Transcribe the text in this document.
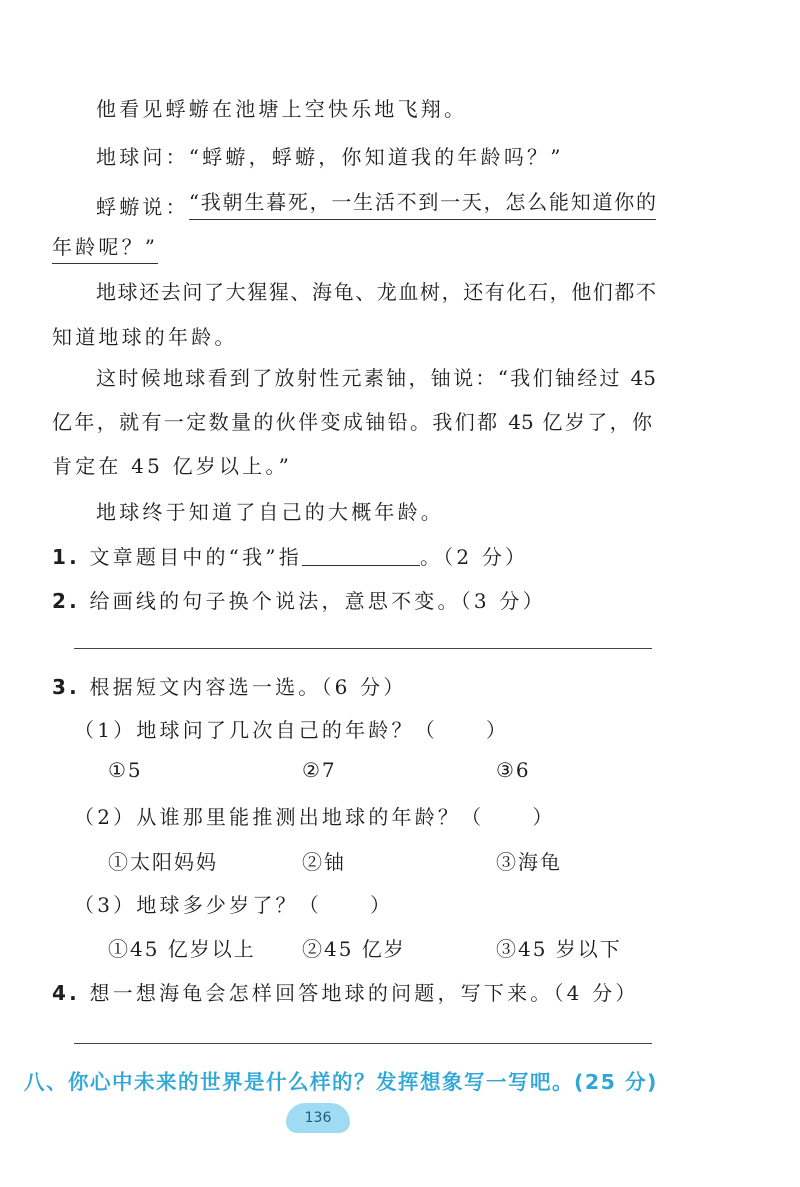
他看见蜉蝣在池塘上空快乐地飞翔。
地球问：“蜉蝣，蜉蝣，你知道我的年龄吗？”
蜉蝣说： “我朝生暮死，一生活不到一天，怎么能知道你的
年龄呢？”
地球还去问了大猩猩、海龟、龙血树，还有化石，他们都不
知道地球的年龄。
这时候地球看到了放射性元素铀，铀说：“我们铀经过 45
亿年，就有一定数量的伙伴变成铀铅。我们都 45 亿岁了，你
肯定在 45 亿岁以上。”
地球终于知道了自己的大概年龄。
1. 文章题目中的“我”指	。（2 分）
2. 给画线的句子换个说法，意思不变。（3 分）
3. 根据短文内容选一选。（6 分）
（1）地球问了几次自己的年龄？（ ）
①5	②7	③6
（2）从谁那里能推测出地球的年龄？（ ）
①太阳妈妈	②铀	③海龟
（3）地球多少岁了？（ ）
①45 亿岁以上 ②45 亿岁	③45 岁以下
4. 想一想海龟会怎样回答地球的问题，写下来。（4 分）
八、你心中未来的世界是什么样的？发挥想象写一写吧。(25 分)
136
